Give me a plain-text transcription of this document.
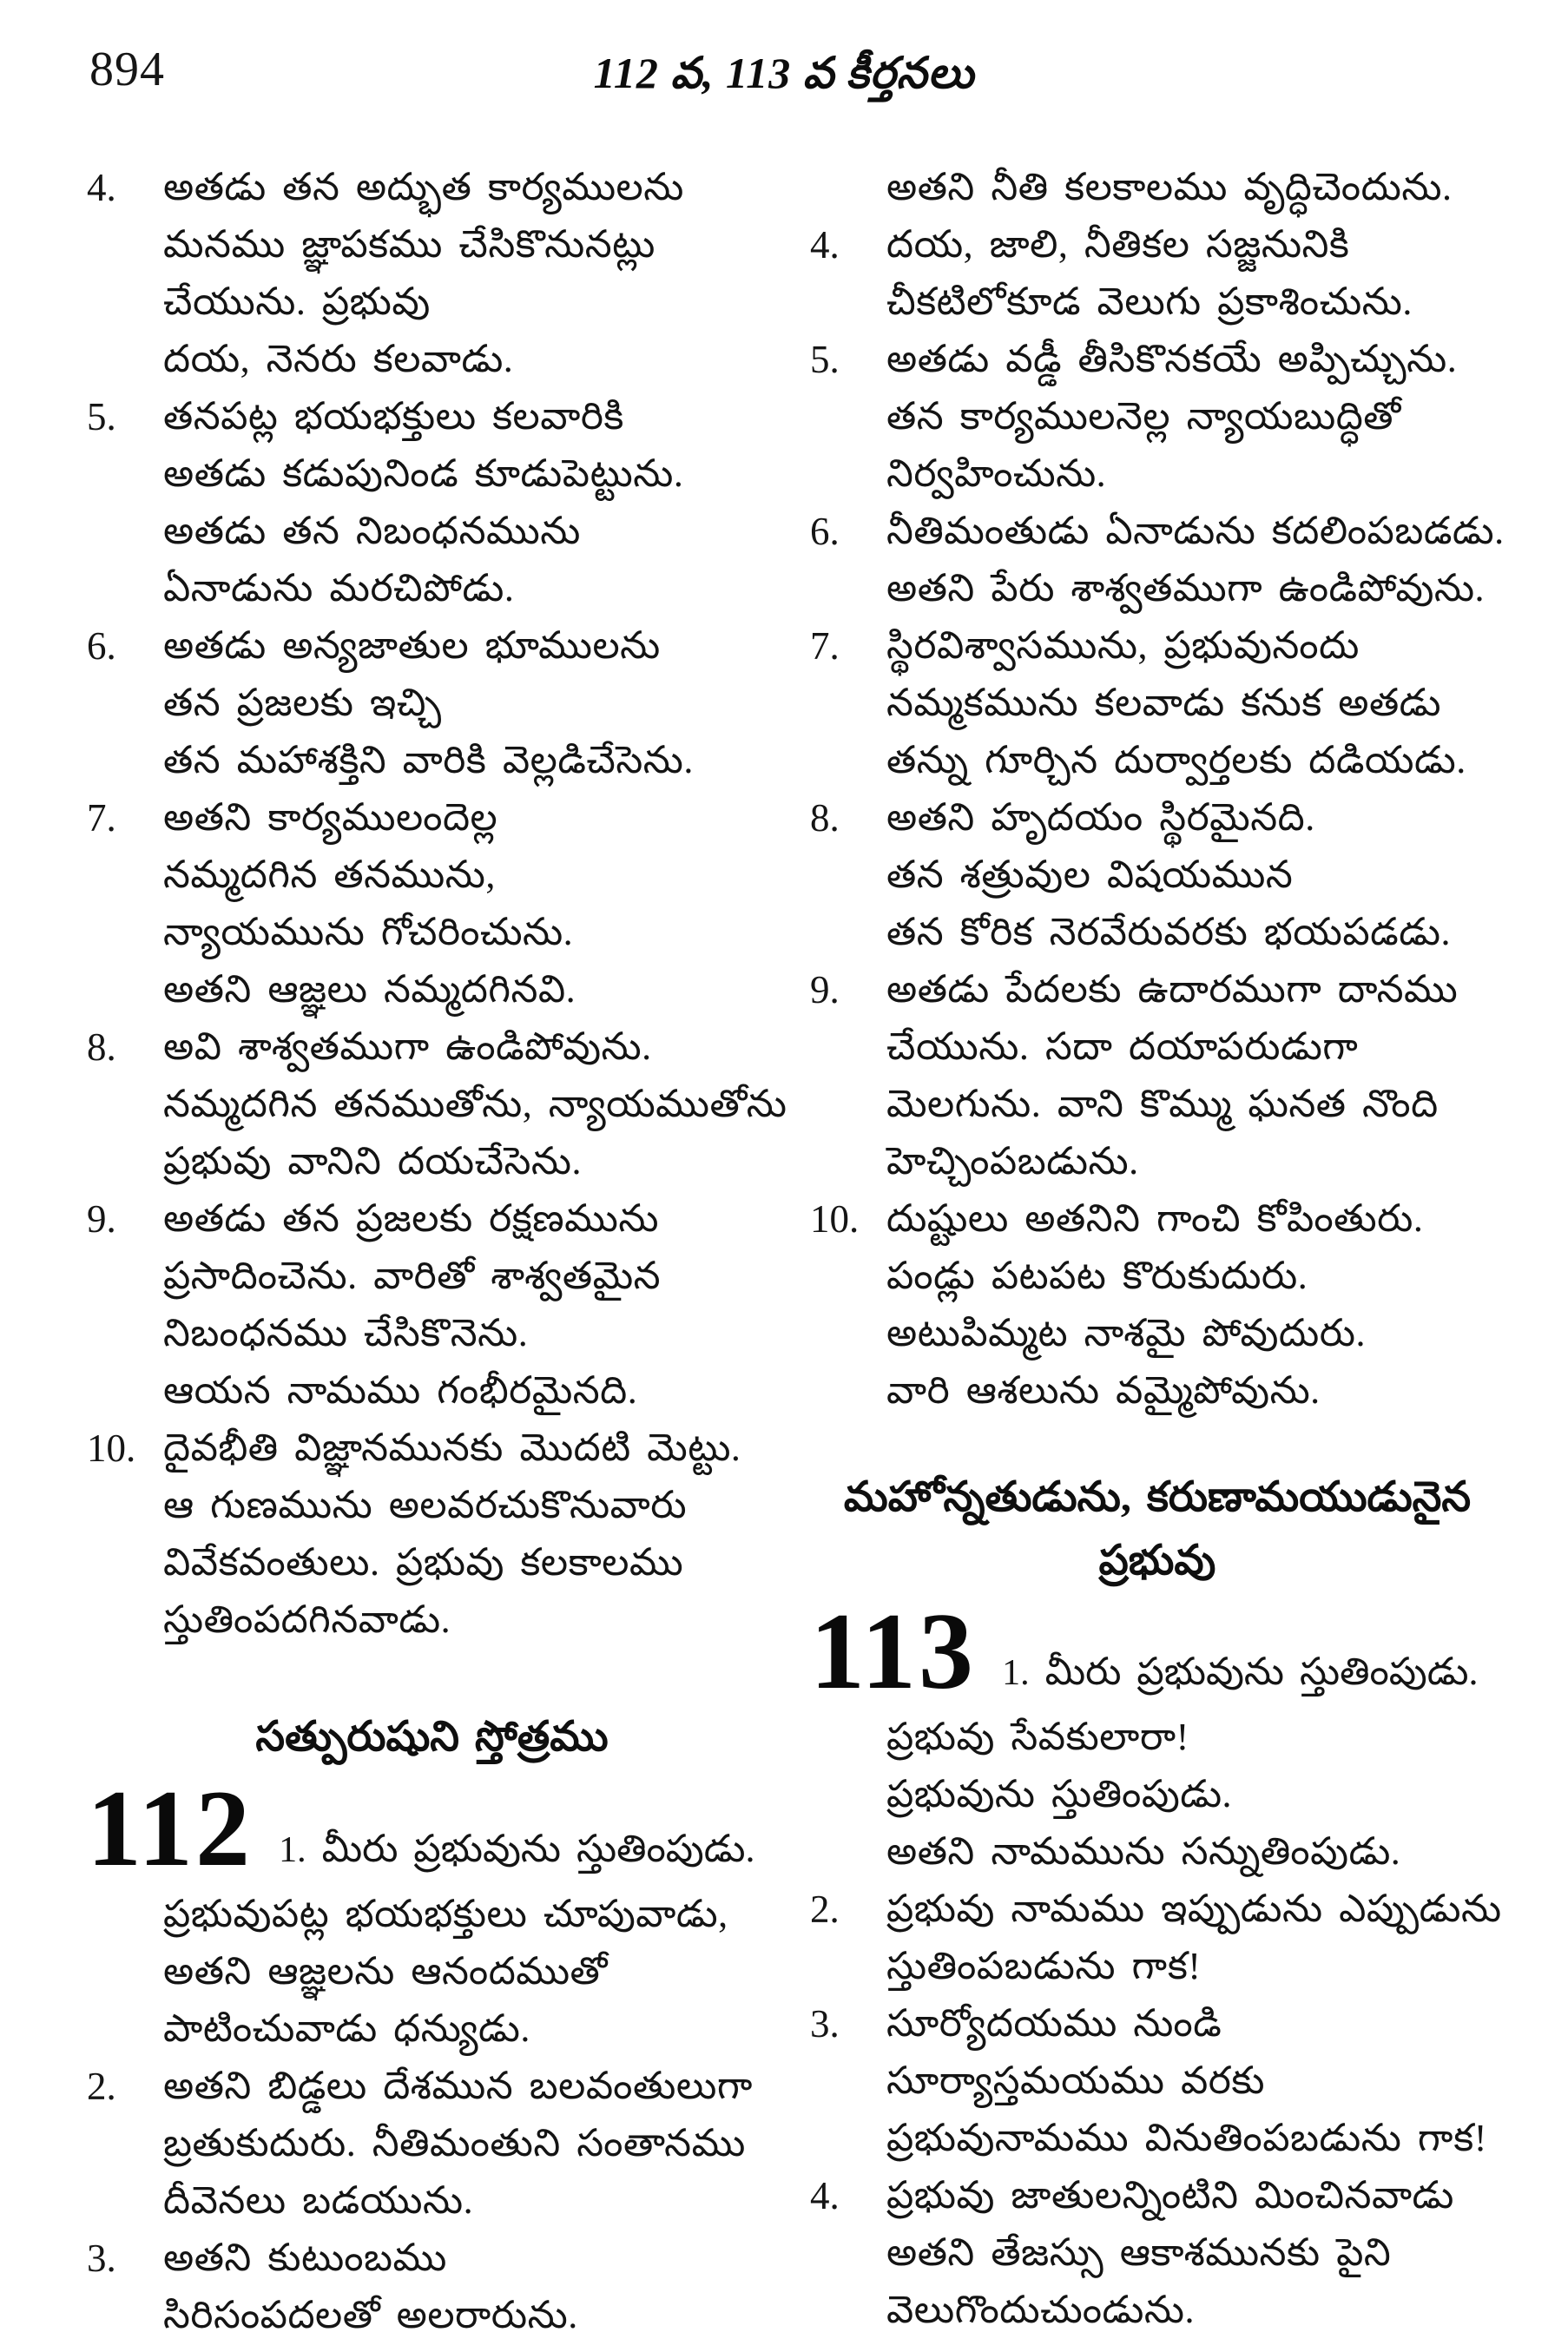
894	112 వ, 113 వ కీర్తనలు
4.	అతడు తన అద్భుత కార్యములను
మనము జ్ఞాపకము చేసికొనునట్లు
చేయును. ప్రభువు
దయ, నెనరు కలవాడు.
5.	తనపట్ల భయభక్తులు కలవారికి
అతడు కడుపునిండ కూడుపెట్టును.
అతడు తన నిబంధనమును
ఏనాడును మరచిపోడు.
6.	అతడు అన్యజాతుల భూములను
తన ప్రజలకు ఇచ్చి
తన మహాశక్తిని వారికి వెల్లడిచేసెను.
7.	అతని కార్యములందెల్ల
నమ్మదగిన తనమును,
న్యాయమును గోచరించును.
అతని ఆజ్ఞలు నమ్మదగినవి.
8.	అవి శాశ్వతముగా ఉండిపోవును.
నమ్మదగిన తనముతోను, న్యాయముతోను
ప్రభువు వానిని దయచేసెను.
9.	అతడు తన ప్రజలకు రక్షణమును
ప్రసాదించెను. వారితో శాశ్వతమైన
నిబంధనము చేసికొనెను.
ఆయన నామము గంభీరమైనది.
10. దైవభీతి విజ్ఞానమునకు మొదటి మెట్టు.
ఆ గుణమును అలవరచుకొనువారు
వివేకవంతులు. ప్రభువు కలకాలము
స్తుతింపదగినవాడు.
సత్పురుషుని స్తోత్రము
112 1. మీరు ప్రభువును స్తుతింపుడు.
ప్రభువుపట్ల భయభక్తులు చూపువాడు,
అతని ఆజ్ఞలను ఆనందముతో
పాటించువాడు ధన్యుడు.
2.	అతని బిడ్డలు దేశమున బలవంతులుగా
బ్రతుకుదురు. నీతిమంతుని సంతానము
దీవెనలు బడయును.
3.	అతని కుటుంబము
సిరిసంపదలతో అలరారును.
అతని నీతి కలకాలము వృద్ధిచెందును.
4.	దయ, జాలి, నీతికల సజ్జనునికి
చీకటిలోకూడ వెలుగు ప్రకాశించును.
5.	అతడు వడ్డీ తీసికొనకయే అప్పిచ్చును.
తన కార్యములనెల్ల న్యాయబుద్ధితో
నిర్వహించును.
6.	నీతిమంతుడు ఏనాడును కదలింపబడడు.
అతని పేరు శాశ్వతముగా ఉండిపోవును.
7.	స్థిరవిశ్వాసమును, ప్రభువునందు
నమ్మకమును కలవాడు కనుక అతడు
తన్ను గూర్చిన దుర్వార్తలకు దడియడు.
8.	అతని హృదయం స్థిరమైనది.
తన శత్రువుల విషయమున
తన కోరిక నెరవేరువరకు భయపడడు.
9.	అతడు పేదలకు ఉదారముగా దానము
చేయును. సదా దయాపరుడుగా
మెలగును. వాని కొమ్ము ఘనత నొంది
హెచ్చింపబడును.
10. దుష్టులు అతనిని గాంచి కోపింతురు.
పండ్లు పటపట కొరుకుదురు.
అటుపిమ్మట నాశమై పోవుదురు.
వారి ఆశలును వమ్మైపోవును.
మహోన్నతుడును, కరుణామయుడునైన
ప్రభువు
113 1. మీరు ప్రభువును స్తుతింపుడు.
ప్రభువు సేవకులారా!
ప్రభువును స్తుతింపుడు.
అతని నామమును సన్నుతింపుడు.
2.	ప్రభువు నామము ఇప్పుడును ఎప్పుడును
స్తుతింపబడును గాక!
3.	సూర్యోదయము నుండి
సూర్యాస్తమయము వరకు
ప్రభువునామము వినుతింపబడును గాక!
4.	ప్రభువు జాతులన్నింటిని మించినవాడు
అతని తేజస్సు ఆకాశమునకు పైని
వెలుగొందుచుండును.
